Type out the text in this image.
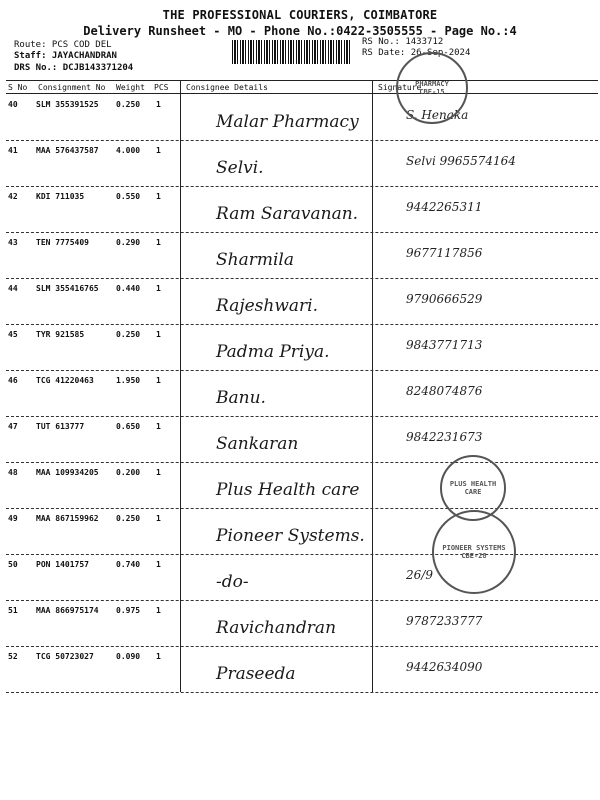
THE PROFESSIONAL COURIERS, COIMBATORE
Delivery Runsheet - MO - Phone No.:0422-3505555 - Page No.:4
Route: PCS COD DEL
Staff: JAYACHANDRAN
DRS No.: DCJB143371204
RS No.: 1433712
RS Date: 26-Sep-2024
S No Consignment No Weight PCS Consignee Details	Signature
40 SLM 355391525 0.250 1
Malar Pharmacy	S. Henaka
41 MAA 576437587 4.000 1
Selvi.	Selvi 9965574164
42 KDI 711035	0.550 1
Ram Saravanan.	9442265311
43 TEN 7775409	0.290 1
Sharmila	9677117856
44 SLM 355416765 0.440 1
Rajeshwari.	9790666529
45 TYR 921585	0.250 1
Padma Priya.	9843771713
46 TCG 41220463	1.950 1
Banu.	8248074876
47 TUT 613777	0.650 1
Sankaran	9842231673
48 MAA 109934205 0.200 1
Plus Health care
49 MAA 867159962 0.250 1
Pioneer Systems.
50 PON 1401757	0.740 1
-do-	26/9
51 MAA 866975174 0.975 1
Ravichandran	9787233777
52 TCG 50723027	0.090 1
Praseeda	9442634090
PHARMACY
CBE-15
PLUS HEALTH CARE
PIONEER SYSTEMS
CBE-28
